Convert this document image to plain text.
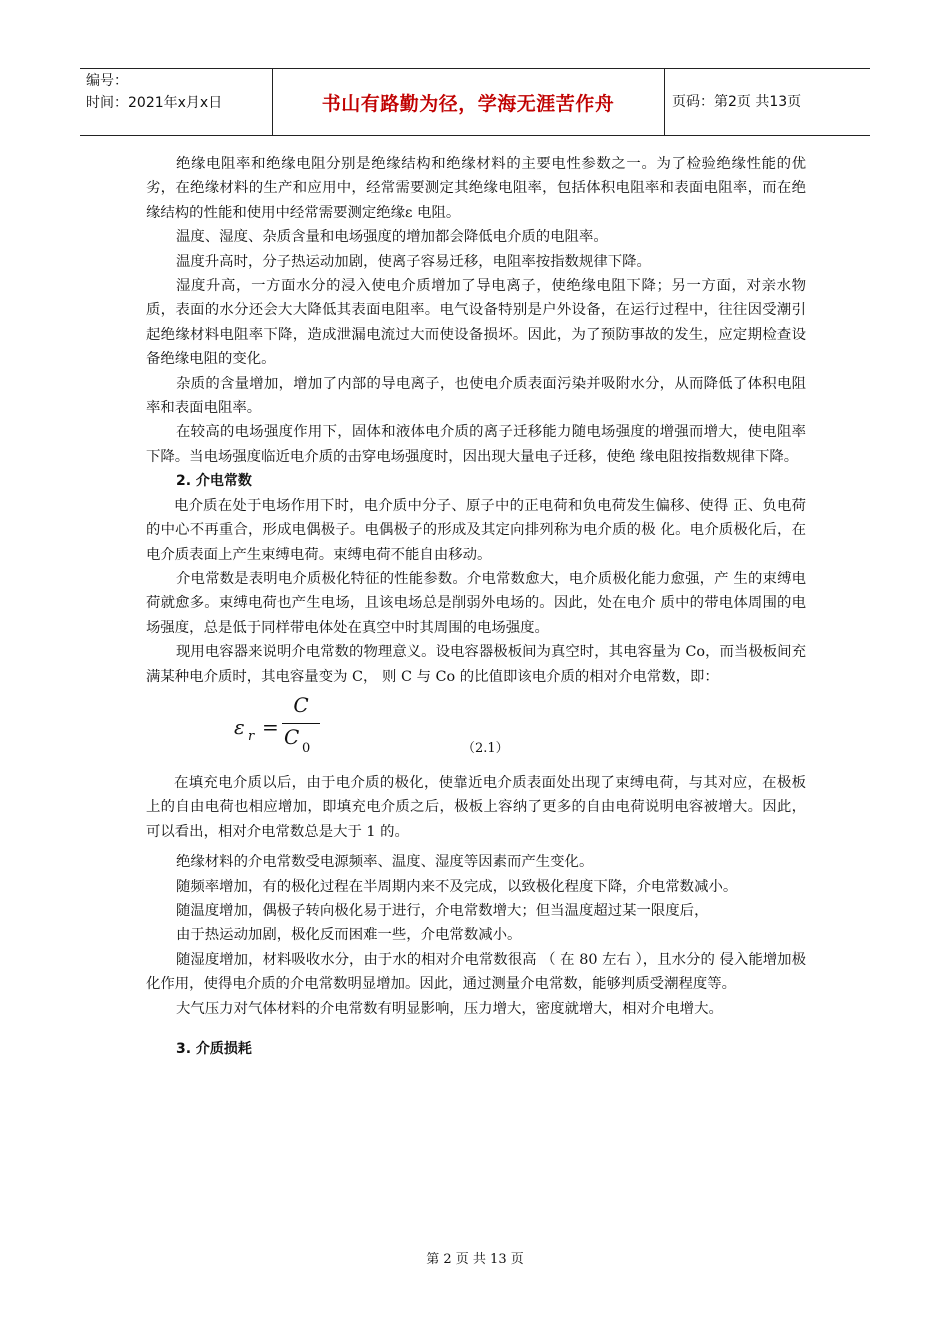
编号：
时间：2021年x月x日	书山有路勤为径，学海无涯苦作舟	页码：第2页 共13页

绝缘电阻率和绝缘电阻分别是绝缘结构和绝缘材料的主要电性参数之一。为了检验绝缘性能的优劣，在绝缘材料的生产和应用中，经常需要测定其绝缘电阻率，包括体积电阻率和表面电阻率，而在绝缘结构的性能和使用中经常需要测定绝缘ε 电阻。

温度、湿度、杂质含量和电场强度的增加都会降低电介质的电阻率。

温度升高时，分子热运动加剧，使离子容易迁移，电阻率按指数规律下降。

湿度升高，一方面水分的浸入使电介质增加了导电离子，使绝缘电阻下降；另一方面，对亲水物质，表面的水分还会大大降低其表面电阻率。电气设备特别是户外设备，在运行过程中，往往因受潮引起绝缘材料电阻率下降，造成泄漏电流过大而使设备损坏。因此，为了预防事故的发生，应定期检查设备绝缘电阻的变化。

杂质的含量增加，增加了内部的导电离子，也使电介质表面污染并吸附水分，从而降低了体积电阻率和表面电阻率。

在较高的电场强度作用下，固体和液体电介质的离子迁移能力随电场强度的增强而增大，使电阻率下降。当电场强度临近电介质的击穿电场强度时，因出现大量电子迁移，使绝 缘电阻按指数规律下降。

2. 介电常数

电介质在处于电场作用下时，电介质中分子、原子中的正电荷和负电荷发生偏移、使得 正、负电荷的中心不再重合，形成电偶极子。电偶极子的形成及其定向排列称为电介质的极 化。电介质极化后，在电介质表面上产生束缚电荷。束缚电荷不能自由移动。

介电常数是表明电介质极化特征的性能参数。介电常数愈大，电介质极化能力愈强，产 生的束缚电荷就愈多。束缚电荷也产生电场，且该电场总是削弱外电场的。因此，处在电介 质中的带电体周围的电场强度，总是低于同样带电体处在真空中时其周围的电场强度。

现用电容器来说明介电常数的物理意义。设电容器极板间为真空时，其电容量为 Co，而当极板间充满某种电介质时，其电容量变为 C， 则 C 与 Co 的比值即该电介质的相对介电常数，即：

ε r =
C
C 0	（2.1）

在填充电介质以后，由于电介质的极化，使靠近电介质表面处出现了束缚电荷，与其对应，在极板上的自由电荷也相应增加，即填充电介质之后，极板上容纳了更多的自由电荷说明电容被增大。因此，可以看出，相对介电常数总是大于 1 的。

绝缘材料的介电常数受电源频率、温度、湿度等因素而产生变化。

随频率增加，有的极化过程在半周期内来不及完成，以致极化程度下降，介电常数减小。

随温度增加，偶极子转向极化易于进行，介电常数增大；但当温度超过某一限度后，

由于热运动加剧，极化反而困难一些，介电常数减小。

随湿度增加，材料吸收水分，由于水的相对介电常数很高 （ 在 80 左右 ），且水分的 侵入能增加极化作用，使得电介质的介电常数明显增加。因此，通过测量介电常数，能够判质受潮程度等。

大气压力对气体材料的介电常数有明显影响，压力增大，密度就增大，相对介电增大。

3. 介质损耗

第 2 页 共 13 页
